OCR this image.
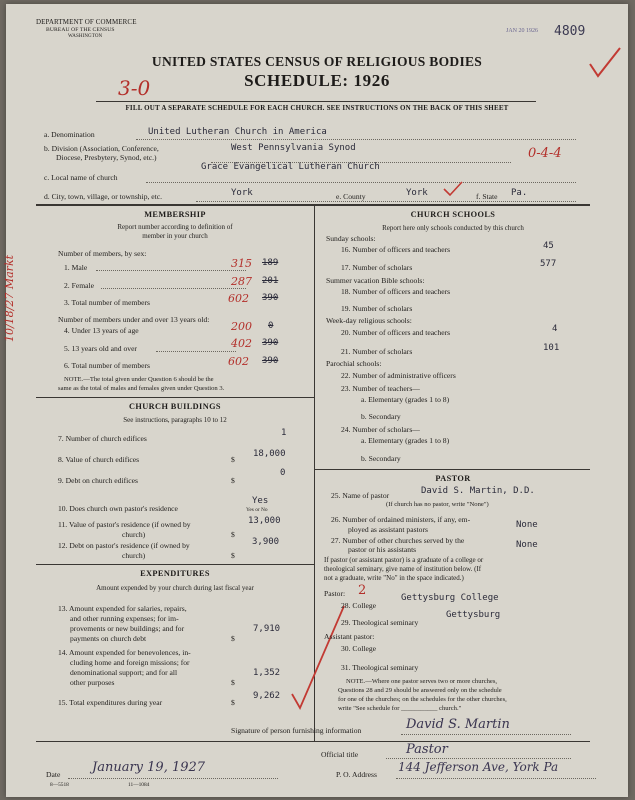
DEPARTMENT OF COMMERCE
BUREAU OF THE CENSUS
WASHINGTON
JAN 20 1926 4809
UNITED STATES CENSUS OF RELIGIOUS BODIES
SCHEDULE: 1926
3-0
FILL OUT A SEPARATE SCHEDULE FOR EACH CHURCH. SEE INSTRUCTIONS ON THE BACK OF THIS SHEET
a. Denomination	United Lutheran Church in America
b. Division (Association, Conference,
Diocese, Presbytery, Synod, etc.)
West Pennsylvania Synod	0-4-4
Grace Evangelical Lutheran Church
c. Local name of church
d. City, town, village, or township, etc.	York	e. County	York	f. State Pa.
10/18/27 Markt
MEMBERSHIP
Report number according to definition of
member in your church
Number of members, by sex:
1. Male	315 189
2. Female	287 201
3. Total number of members	602 390
Number of members under and over 13 years old:
4. Under 13 years of age	200 0
5. 13 years old and over	402 390
6. Total number of members	602 390
NOTE.—The total given under Question 6 should be the
same as the total of males and females given under Question 3.
CHURCH BUILDINGS
See instructions, paragraphs 10 to 12
7. Number of church edifices
1
8. Value of church edifices	$
18,000
9. Debt on church edifices	$
0
10. Does church own pastor's residence
Yes
Yes or No
11. Value of pastor's residence (if owned by
church)	$
13,000
12. Debt on pastor's residence (if owned by
church)	$
3,900
EXPENDITURES
Amount expended by your church during last fiscal year
13. Amount expended for salaries, repairs,
and other running expenses; for im-
provements or new buildings; and for
payments on church debt	$
7,910
14. Amount expended for benevolences, in-
cluding home and foreign missions; for
denominational support; and for all
other purposes	$
1,352
15. Total expenditures during year	$
9,262
CHURCH SCHOOLS
Report here only schools conducted by this church
Sunday schools:
16. Number of officers and teachers	45
17. Number of scholars	577
Summer vacation Bible schools:
18. Number of officers and teachers
19. Number of scholars
Week-day religious schools:
20. Number of officers and teachers	4
21. Number of scholars	101
Parochial schools:
22. Number of administrative officers
23. Number of teachers—
a. Elementary (grades 1 to 8)
b. Secondary
24. Number of scholars—
a. Elementary (grades 1 to 8)
b. Secondary
PASTOR
25. Name of pastor	David S. Martin, D.D.
(If church has no pastor, write "None")
26. Number of ordained ministers, if any, em-
ployed as assistant pastors	None
27. Number of other churches served by the
pastor or his assistants	None
If pastor (or assistant pastor) is a graduate of a college or
theological seminary, give name of institution below. (If
not a graduate, write "No" in the space indicated.)
Pastor: 2
28. College
Gettysburg College
29. Theological seminary
Gettysburg
Assistant pastor:
30. College
31. Theological seminary
NOTE.—Where one pastor serves two or more churches,
Questions 28 and 29 should be answered only on the schedule
for one of the churches; on the schedules for the other churches,
write "See schedule for ___________ church."
Signature of person furnishing information	David S. Martin
Official title	Pastor
Date January 19, 1927
8—5518	11—1084
P. O. Address
144 Jefferson Ave, York Pa
